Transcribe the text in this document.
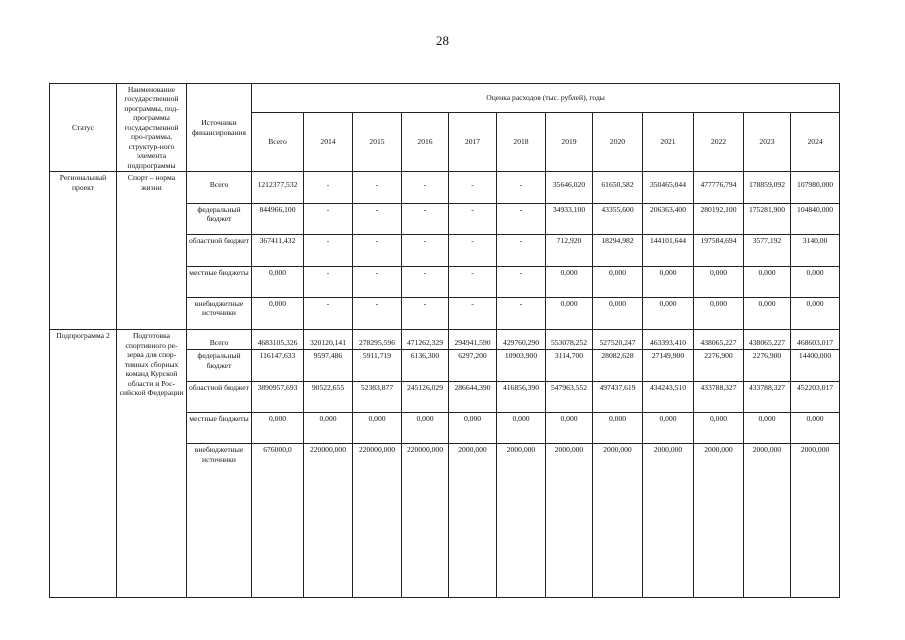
28
Статус	Наименование государственной программы, под-программы государственной про-граммы, структур-ного элемента подпрограммы	Источники финансирования	Оценка расходов (тыс. рублей), годы											
			Всего	2014	2015	2016	2017	2018	2019	2020	2021	2022	2023	2024
Региональный проект	Спорт – норма жизни	Всего	1212377,532	-	-	-	-	-	35646,020	61650,582	350465,044	477776,794	178859,092	107980,000
		федеральный бюджет	844966,100	-	-	-	-	-	34933,100	43355,600	206363,400	280192,100	175281,900	104840,000
		областной бюджет	367411,432	-	-	-	-	-	712,920	18294,982	144101,644	197584,694	3577,192	3140,00
		местные бюджеты	0,000	-	-	-	-	-	0,000	0,000	0,000	0,000	0,000	0,000
		внебюджетные источники	0,000	-	-	-	-	-	0,000	0,000	0,000	0,000	0,000	0,000
Подпрограмма 2	Подготовка спортивного ре-зерва для спор-тивных сборных команд Курской области и Рос-сийской Федерации	Всего	4683105,326	320120,141	278295,596	471262,329	294941,590	429760,290	553078,252	527520,247	463393,410	438065,227	438065,227	468603,017
		федеральный бюджет	116147,633	9597,486	5911,719	6136,300	6297,200	10903,900	3114,700	28082,628	27149,900	2276,900	2276,900	14400,000
		областной бюджет	3890957,693	90522,655	52383,877	245126,029	286644,390	416856,390	547963,552	497437,619	434243,510	433788,327	433788,327	452203,017
		местные бюджеты	0,000	0,000	0,000	0,000	0,000	0,000	0,000	0,000	0,000	0,000	0,000	0,000
		внебюджетные источники	676000,0	220000,000	220000,000	220000,000	2000,000	2000,000	2000,000	2000,000	2000,000	2000,000	2000,000	2000,000
